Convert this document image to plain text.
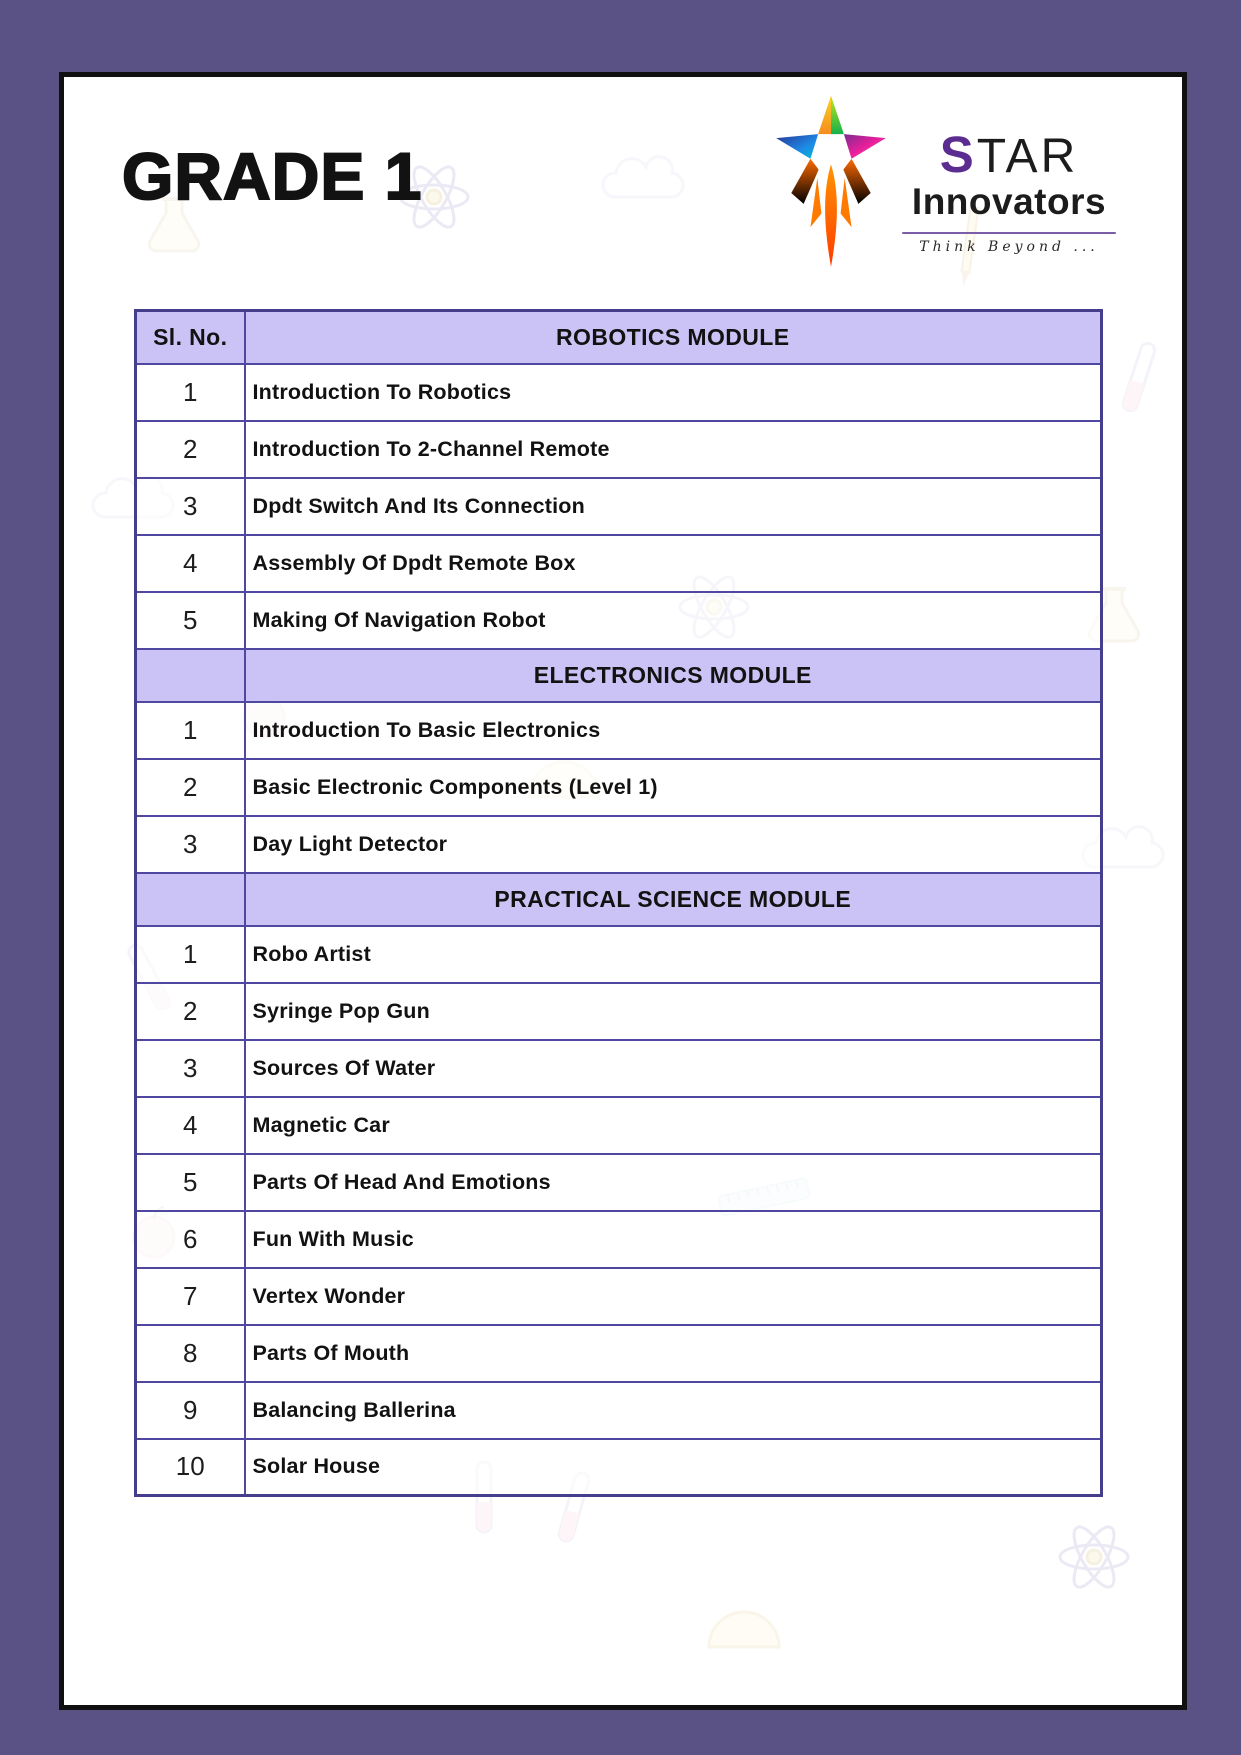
GRADE 1	STAR
Innovators
Think Beyond ...
Sl. No.	ROBOTICS MODULE
1	Introduction To Robotics
2	Introduction To 2-Channel Remote
3	Dpdt Switch And Its Connection
4	Assembly Of Dpdt Remote Box
5	Making Of Navigation Robot
	ELECTRONICS MODULE
1	Introduction To Basic Electronics
2	Basic Electronic Components (Level 1)
3	Day Light Detector
	PRACTICAL SCIENCE MODULE
1	Robo Artist
2	Syringe Pop Gun
3	Sources Of Water
4	Magnetic Car
5	Parts Of Head And Emotions
6	Fun With Music
7	Vertex Wonder
8	Parts Of Mouth
9	Balancing Ballerina
10	Solar House
